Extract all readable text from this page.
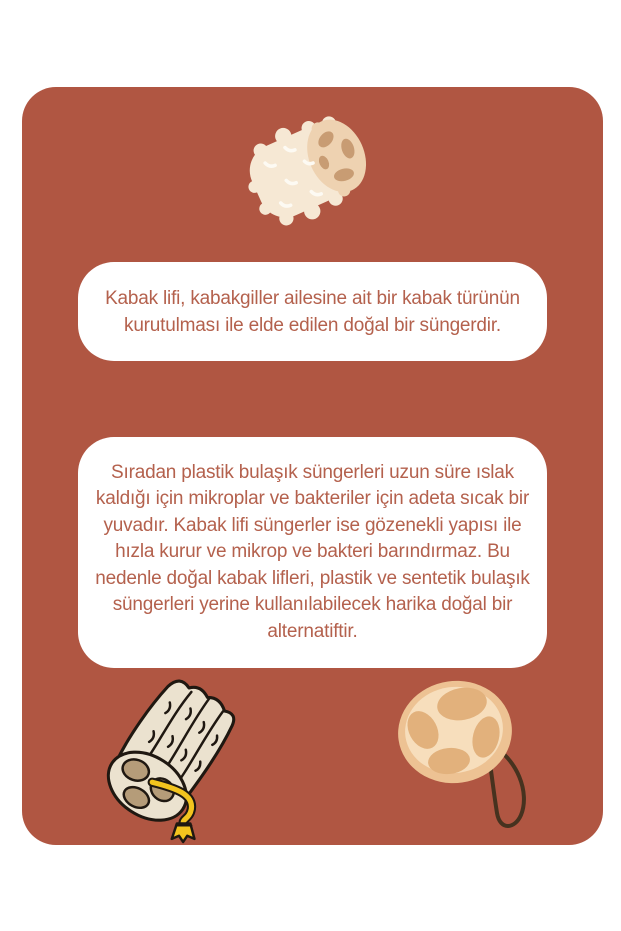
Kabak lifi, kabakgiller ailesine ait bir kabak türünün kurutulması ile elde edilen doğal bir süngerdir.

Sıradan plastik bulaşık süngerleri uzun süre ıslak kaldığı için mikroplar ve bakteriler için adeta sıcak bir yuvadır. Kabak lifi süngerler ise gözenekli yapısı ile hızla kurur ve mikrop ve bakteri barındırmaz. Bu nedenle doğal kabak lifleri, plastik ve sentetik bulaşık süngerleri yerine kullanılabilecek harika doğal bir alternatiftir.
